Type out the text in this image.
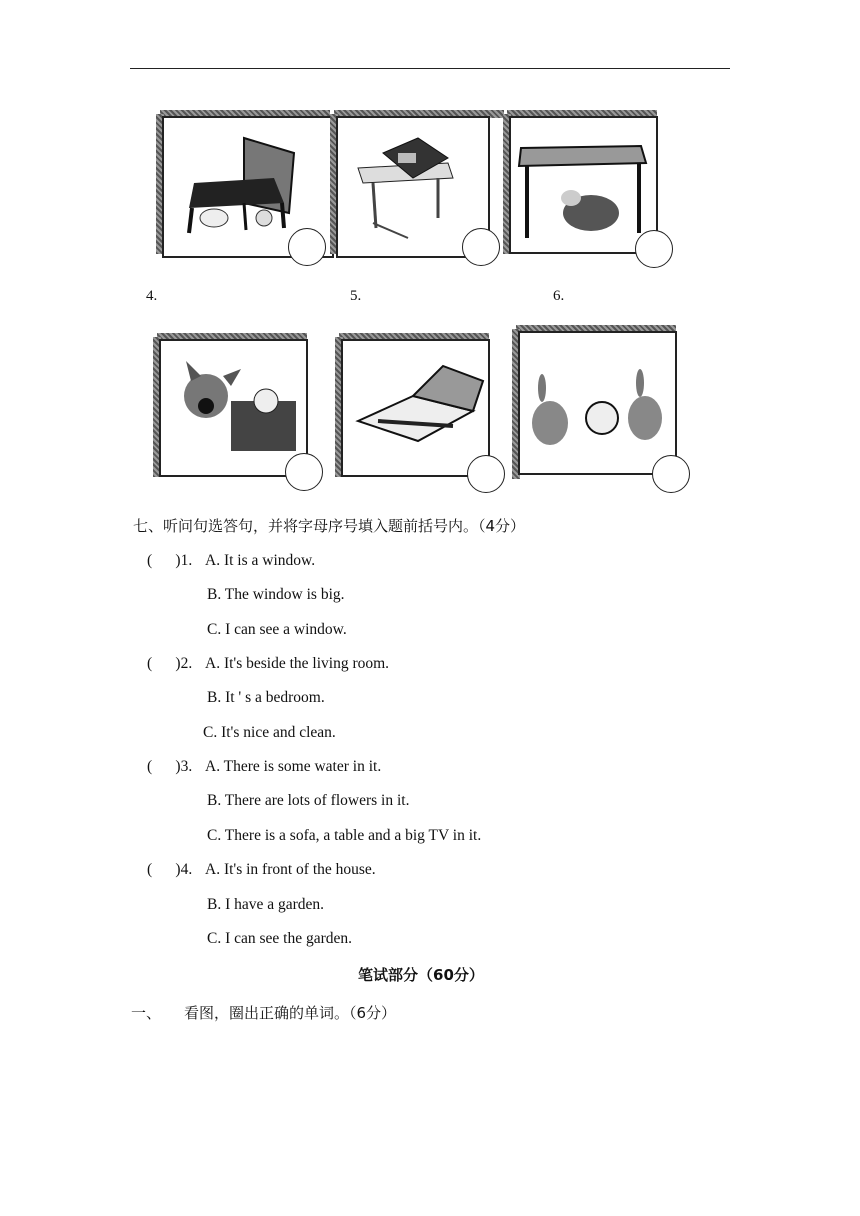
4.	5.	6.
七、听问句选答句，并将字母序号填入题前括号内。（4分）
(      )1. A. It is a window.
B. The window is big.
C. I can see a window.
(      )2. A. It's beside the living room.
B. It ' s a bedroom.
C. It's nice and clean.
(      )3. A. There is some water in it.
B. There are lots of flowers in it.
C. There is a sofa, a table and a big TV in it.
(      )4. A. It's in front of the house.
B. I have a garden.
C. I can see the garden.
笔试部分（60分）
一、 看图，圈出正确的单词。（6分）
